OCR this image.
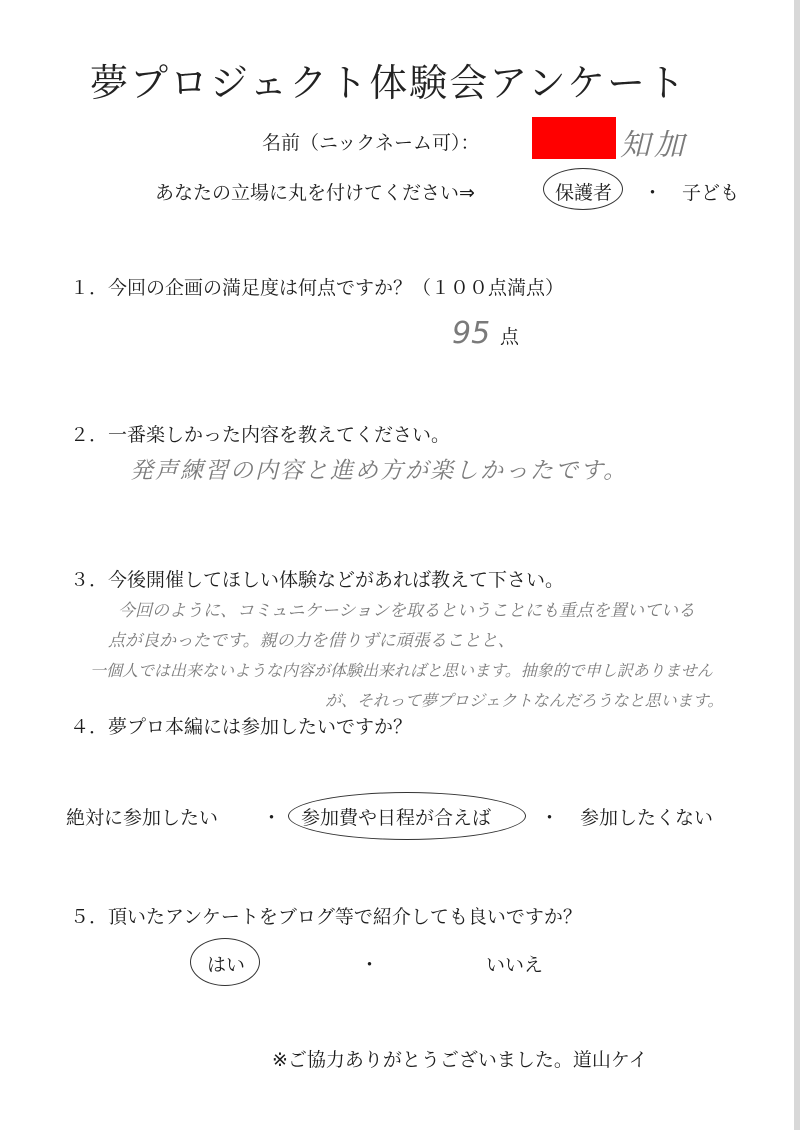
夢プロジェクト体験会アンケート
名前（ニックネーム可）：	知加
あなたの立場に丸を付けてください⇒	保護者 ・ 子ども
１．今回の企画の満足度は何点ですか？（１００点満点）
95 点
２．一番楽しかった内容を教えてください。
発声練習の内容と進め方が楽しかったです。
３．今後開催してほしい体験などがあれば教えて下さい。
今回のように、コミュニケーションを取るということにも重点を置いている
点が良かったです。親の力を借りずに頑張ることと、
一個人では出来ないような内容が体験出来ればと思います。抽象的で申し訳ありません
が、それって夢プロジェクトなんだろうなと思います。
４．夢プロ本編には参加したいですか？
絶対に参加したい ・ 参加費や日程が合えば	・ 参加したくない
５．頂いたアンケートをブログ等で紹介しても良いですか？
はい	・	いいえ
※ご協力ありがとうございました。道山ケイ
